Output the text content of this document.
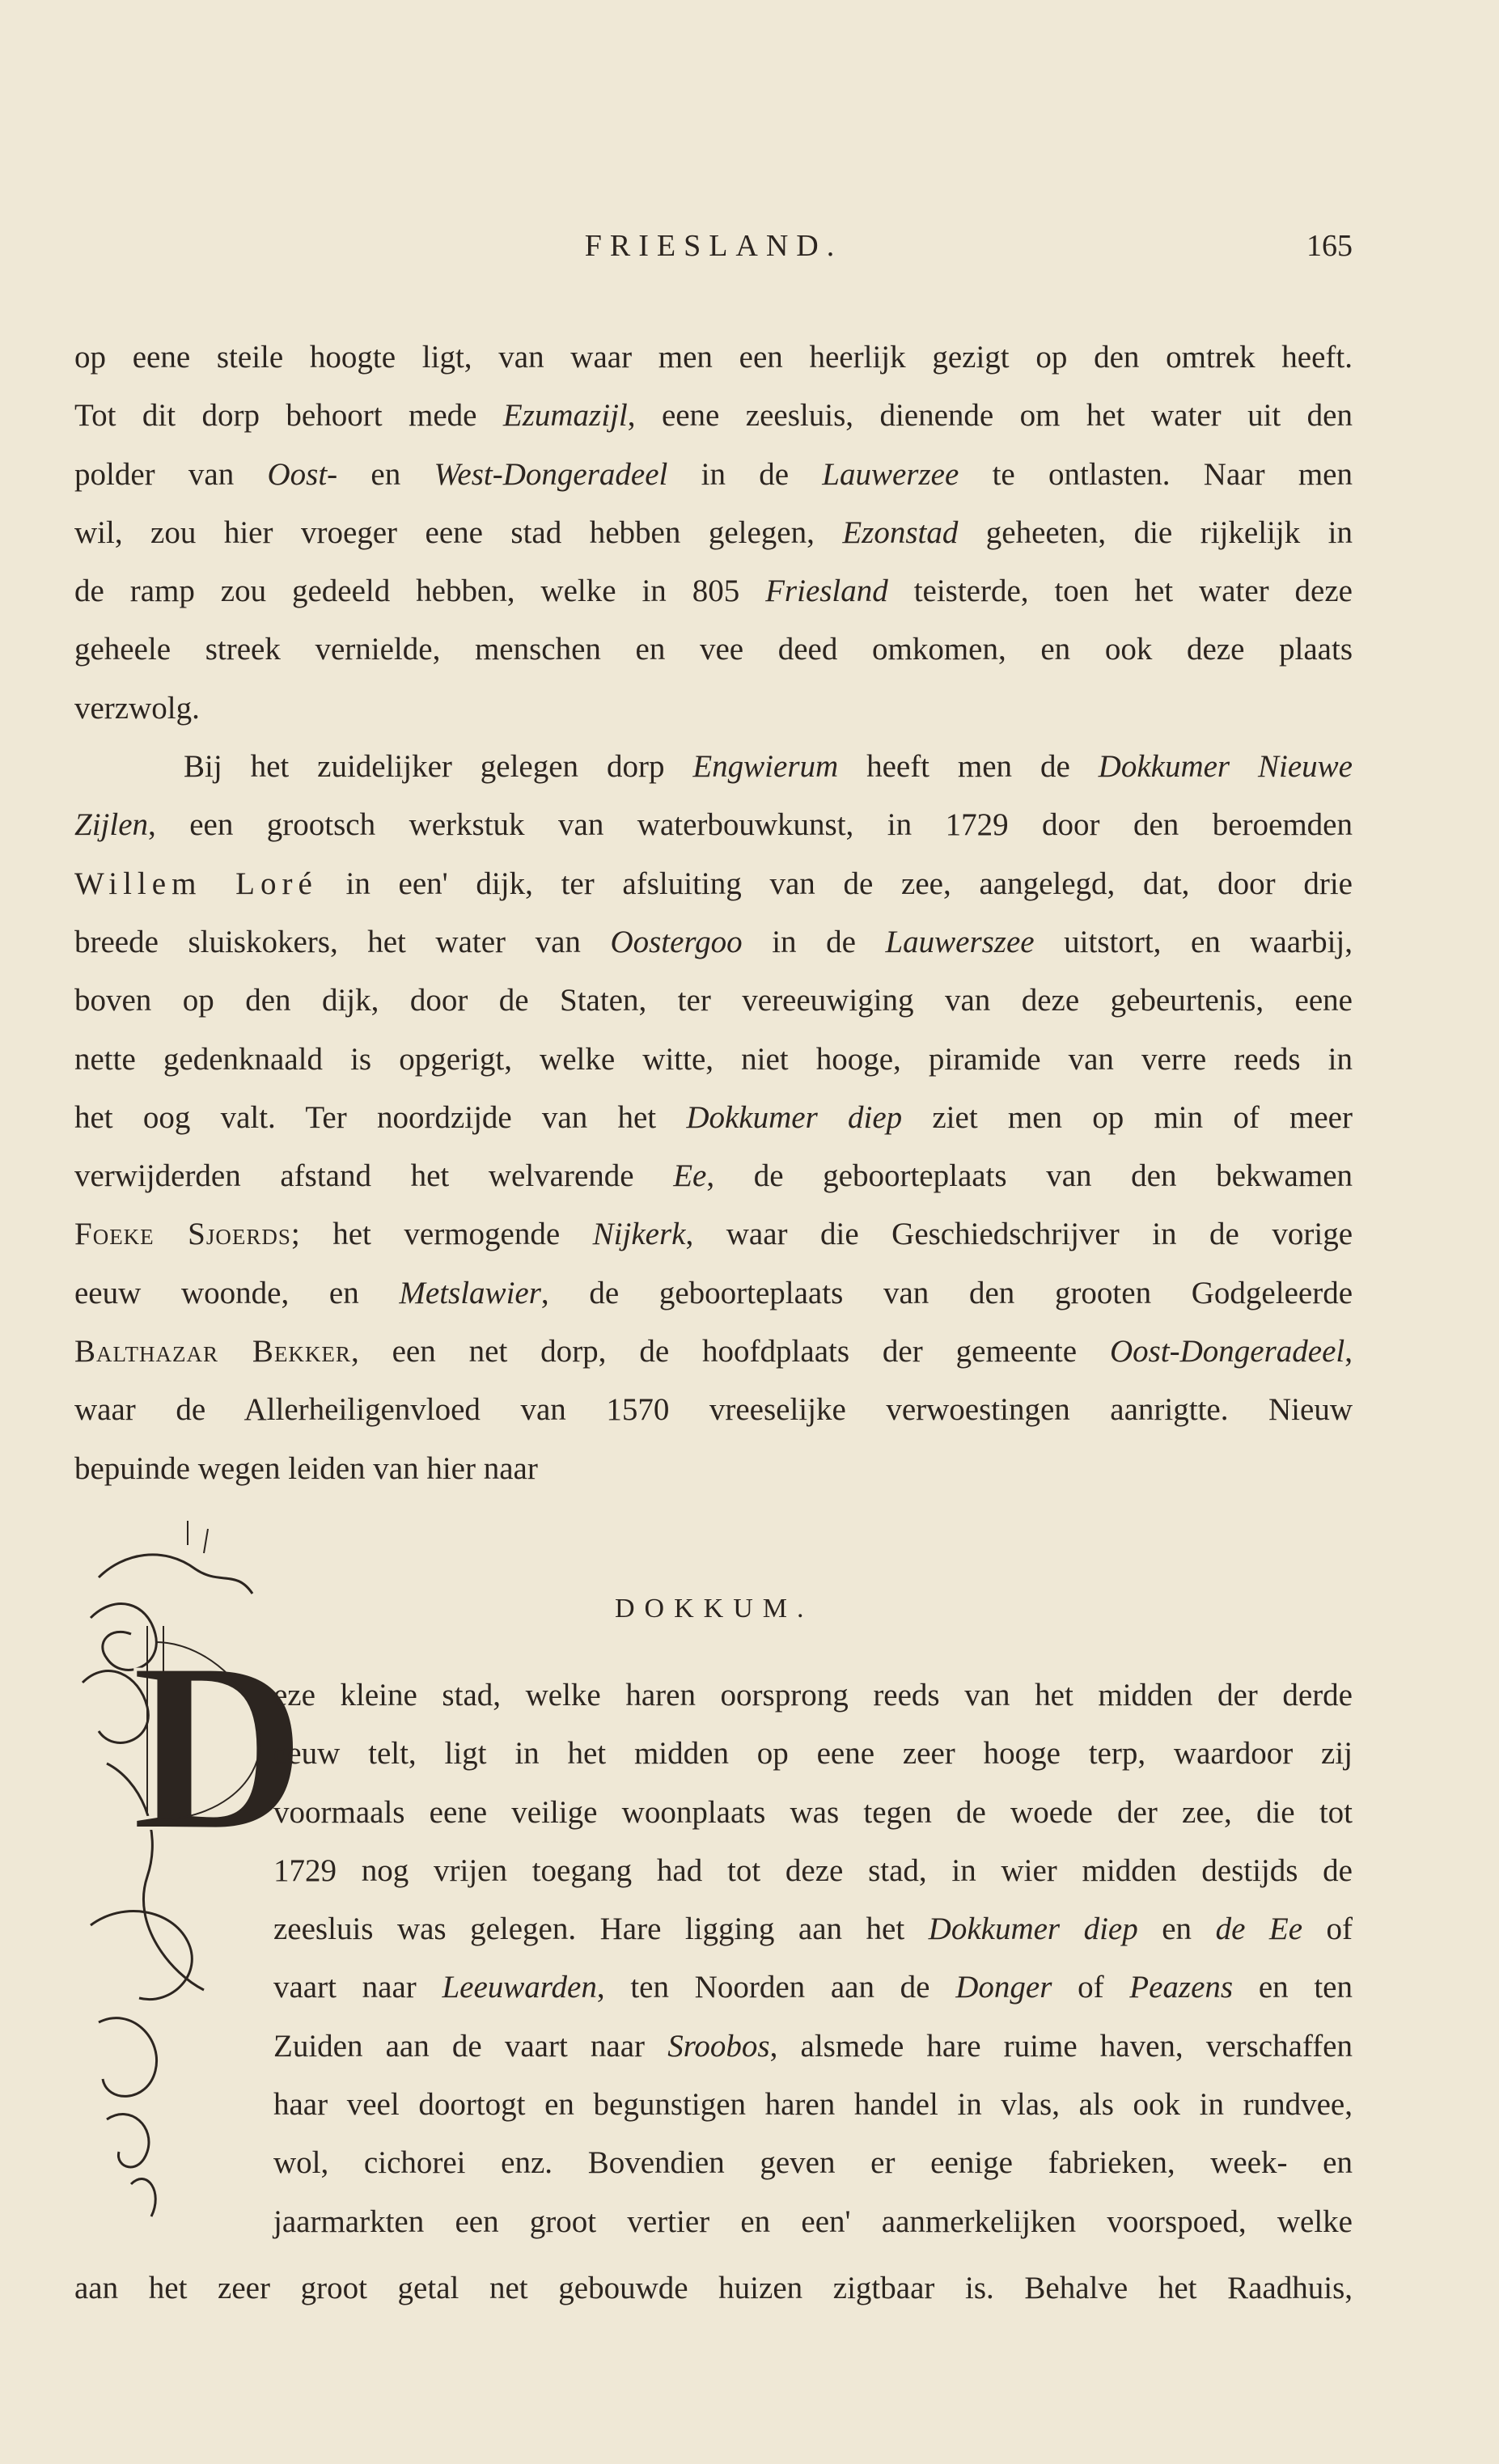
FRIESLAND.	165
op eene steile hoogte ligt, van waar men een heerlijk gezigt op den omtrek heeft.
Tot dit dorp behoort mede Ezumazijl, eene zeesluis, dienende om het water uit den
polder van Oost- en West-Dongeradeel in de Lauwerzee te ontlasten. Naar men
wil, zou hier vroeger eene stad hebben gelegen, Ezonstad geheeten, die rijkelijk in
de ramp zou gedeeld hebben, welke in 805 Friesland teisterde, toen het water deze
geheele streek vernielde, menschen en vee deed omkomen, en ook deze plaats
verzwolg.
Bij het zuidelijker gelegen dorp Engwierum heeft men de Dokkumer Nieuwe
Zijlen, een grootsch werkstuk van waterbouwkunst, in 1729 door den beroemden
Willem Loré in een' dijk, ter afsluiting van de zee, aangelegd, dat, door drie
breede sluiskokers, het water van Oostergoo in de Lauwerszee uitstort, en waarbij,
boven op den dijk, door de Staten, ter vereeuwiging van deze gebeurtenis, eene
nette gedenknaald is opgerigt, welke witte, niet hooge, piramide van verre reeds in
het oog valt. Ter noordzijde van het Dokkumer diep ziet men op min of meer
verwijderden afstand het welvarende Ee, de geboorteplaats van den bekwamen
Foeke Sjoerds; het vermogende Nijkerk, waar die Geschiedschrijver in de vorige
eeuw woonde, en Metslawier, de geboorteplaats van den grooten Godgeleerde
Balthazar Bekker, een net dorp, de hoofdplaats der gemeente Oost-Dongeradeel,
waar de Allerheiligenvloed van 1570 vreeselijke verwoestingen aanrigtte. Nieuw
bepuinde wegen leiden van hier naar
DOKKUM.
D
eze kleine stad, welke haren oorsprong reeds van het midden der derde
eeuw telt, ligt in het midden op eene zeer hooge terp, waardoor zij
voormaals eene veilige woonplaats was tegen de woede der zee, die tot
1729 nog vrijen toegang had tot deze stad, in wier midden destijds de
zeesluis was gelegen. Hare ligging aan het Dokkumer diep en de Ee of
vaart naar Leeuwarden, ten Noorden aan de Donger of Peazens en ten
Zuiden aan de vaart naar Sroobos, alsmede hare ruime haven, verschaffen
haar veel doortogt en begunstigen haren handel in vlas, als ook in rundvee,
wol, cichorei enz. Bovendien geven er eenige fabrieken, week- en
jaarmarkten een groot vertier en een' aanmerkelijken voorspoed, welke
aan het zeer groot getal net gebouwde huizen zigtbaar is. Behalve het Raadhuis,
